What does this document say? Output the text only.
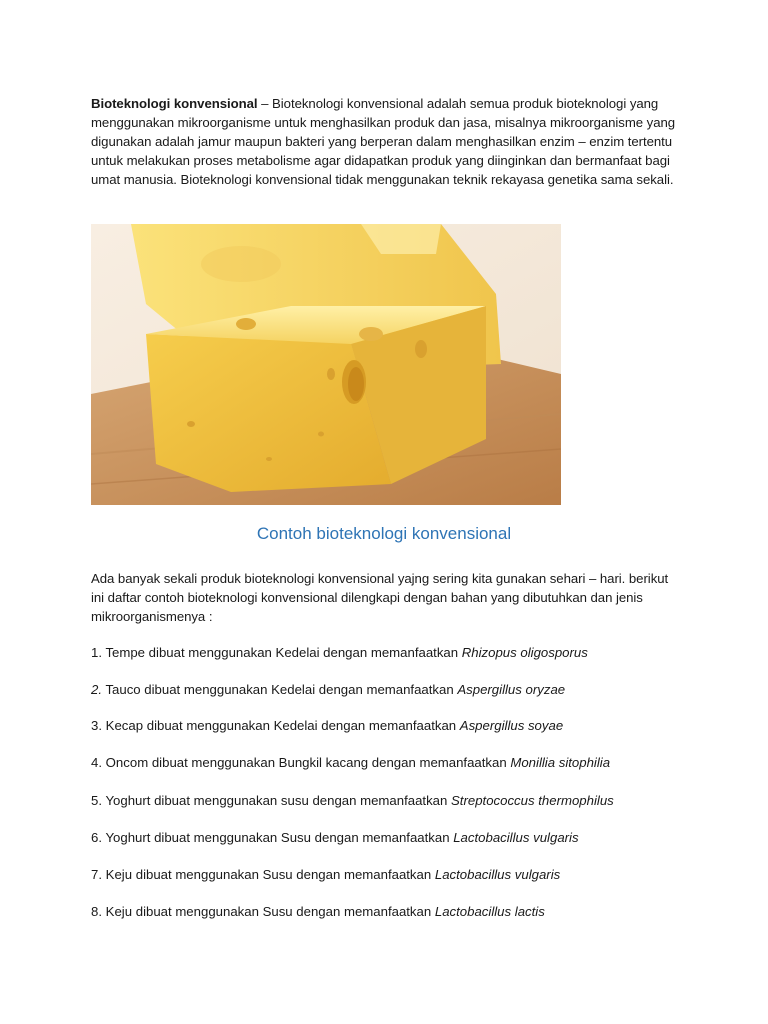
Bioteknologi konvensional – Bioteknologi konvensional adalah semua produk bioteknologi yang menggunakan mikroorganisme untuk menghasilkan produk dan jasa, misalnya mikroorganisme yang digunakan adalah jamur maupun bakteri yang berperan dalam menghasilkan enzim – enzim tertentu untuk melakukan proses metabolisme agar didapatkan produk yang diinginkan dan bermanfaat bagi umat manusia. Bioteknologi konvensional tidak menggunakan teknik rekayasa genetika sama sekali.
Contoh bioteknologi konvensional
Ada banyak sekali produk bioteknologi konvensional yajng sering kita gunakan sehari – hari. berikut ini daftar contoh bioteknologi konvensional dilengkapi dengan bahan yang dibutuhkan dan jenis mikroorganismenya :
1. Tempe dibuat menggunakan Kedelai dengan memanfaatkan Rhizopus oligosporus
2. Tauco dibuat menggunakan Kedelai dengan memanfaatkan Aspergillus oryzae
3. Kecap dibuat menggunakan Kedelai dengan memanfaatkan Aspergillus soyae
4. Oncom dibuat menggunakan Bungkil kacang dengan memanfaatkan Monillia sitophilia
5. Yoghurt dibuat menggunakan susu dengan memanfaatkan Streptococcus thermophilus
6. Yoghurt dibuat menggunakan Susu dengan memanfaatkan Lactobacillus vulgaris
7. Keju dibuat menggunakan Susu dengan memanfaatkan Lactobacillus vulgaris
8. Keju dibuat menggunakan Susu dengan memanfaatkan Lactobacillus lactis
